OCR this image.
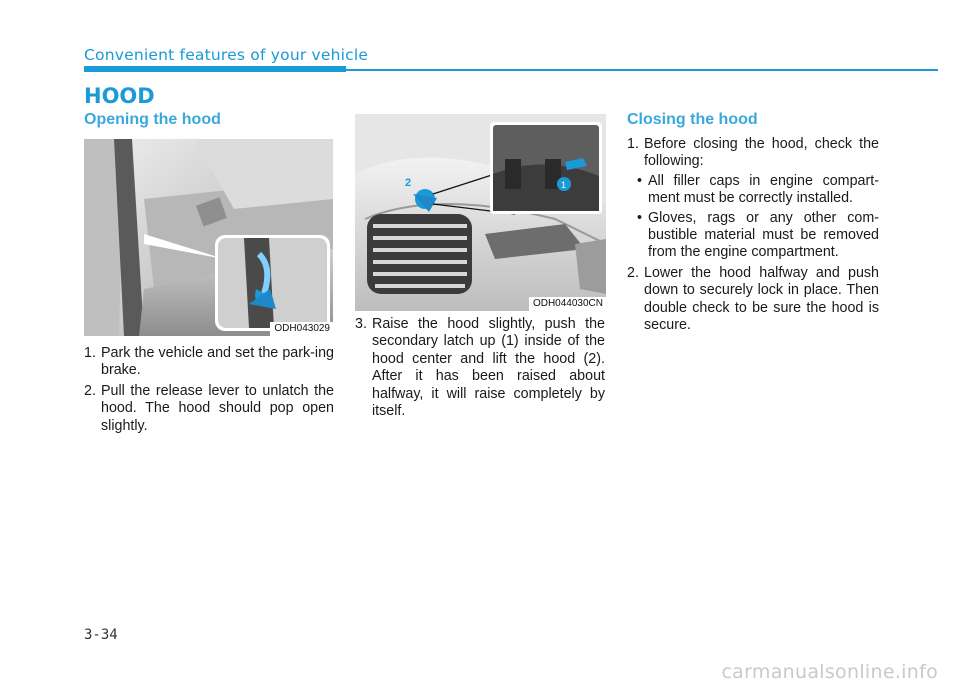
Convenient features of your vehicle
HOOD
Opening the hood
ODH043029
1. Park the vehicle and set the park-ing brake.
2. Pull the release lever to unlatch the hood. The hood should pop open slightly.
1
2
ODH044030CN
3. Raise the hood slightly, push the secondary latch up (1) inside of the hood center and lift the hood (2). After it has been raised about halfway, it will raise completely by itself.
Closing the hood
1. Before closing the hood, check the following:
• All filler caps in engine compart-ment must be correctly installed.
• Gloves, rags or any other com-bustible material must be removed from the engine compartment.
2. Lower the hood halfway and push down to securely lock in place. Then double check to be sure the hood is secure.
3-34
carmanualsonline.info
